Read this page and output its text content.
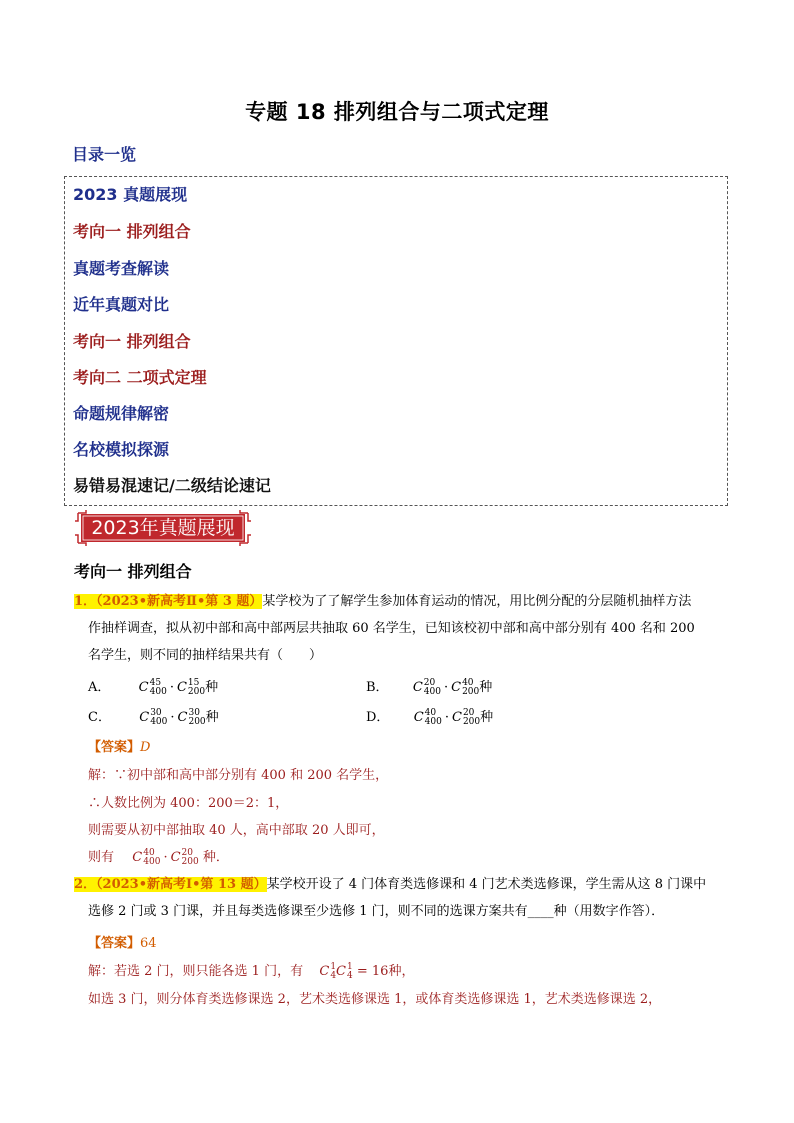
专题 18 排列组合与二项式定理
目录一览
2023 真题展现
考向一 排列组合
真题考查解读
近年真题对比
考向一 排列组合
考向二 二项式定理
命题规律解密
名校模拟探源
易错易混速记/二级结论速记
2023年真题展现
考向一 排列组合
1．（2023•新高考Ⅱ•第 3 题）某学校为了了解学生参加体育运动的情况，用比例分配的分层随机抽样方法
作抽样调查，拟从初中部和高中部两层共抽取 60 名学生，已知该校初中部和高中部分别有 400 名和 200
名学生，则不同的抽样结果共有（　　）
A． C 45
400 · C 15
200 种	B． C 20
400 · C 40
200 种
C． C 30
400 · C 30
200 种	D． C 40
400 · C 20
200 种
【答案】D
解：∵初中部和高中部分别有 400 和 200 名学生，
∴人数比例为 400：200＝2：1，
则需要从初中部抽取 40 人，高中部取 20 人即可，
则有 C 40
400 · C 20
200 种．
2．（2023•新高考Ⅰ•第 13 题）某学校开设了 4 门体育类选修课和 4 门艺术类选修课，学生需从这 8 门课中
选修 2 门或 3 门课，并且每类选修课至少选修 1 门，则不同的选课方案共有____种（用数字作答）．
【答案】64
解：若选 2 门，则只能各选 1 门，有 C 1
4 C 1
4 = 16种，
如选 3 门，则分体育类选修课选 2，艺术类选修课选 1，或体育类选修课选 1，艺术类选修课选 2，
